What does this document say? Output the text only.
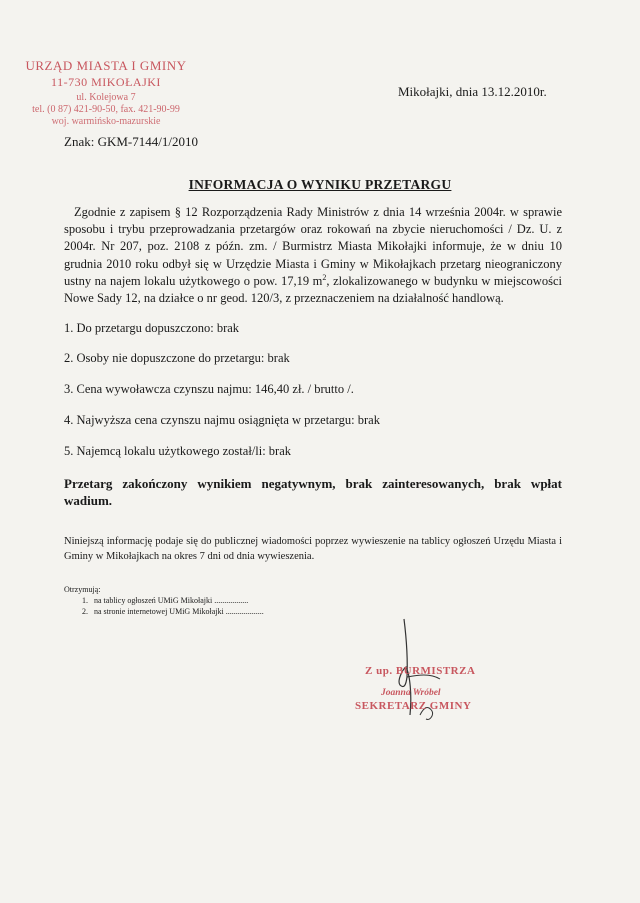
URZĄD MIASTA I GMINY
11-730 MIKOŁAJKI
ul. Kolejowa 7
tel. (0 87) 421-90-50, fax. 421-90-99
woj. warmińsko-mazurskie
Mikołajki, dnia 13.12.2010r.
Znak: GKM-7144/1/2010
INFORMACJA O WYNIKU PRZETARGU
Zgodnie z zapisem § 12 Rozporządzenia Rady Ministrów z dnia 14 września 2004r. w sprawie sposobu i trybu przeprowadzania przetargów oraz rokowań na zbycie nieruchomości / Dz. U. z 2004r. Nr 207, poz. 2108 z późn. zm. / Burmistrz Miasta Mikołajki informuje, że w dniu 10 grudnia 2010 roku odbył się w Urzędzie Miasta i Gminy w Mikołajkach przetarg nieograniczony ustny na najem lokalu użytkowego o pow. 17,19 $m^2$, zlokalizowanego w budynku w miejscowości Nowe Sady 12, na działce o nr geod. 120/3, z przeznaczeniem na działalność handlową.
1. Do przetargu dopuszczono: brak
2. Osoby nie dopuszczone do przetargu: brak
3. Cena wywoławcza czynszu najmu: 146,40 zł. / brutto /.
4. Najwyższa cena czynszu najmu osiągnięta w przetargu: brak
5. Najemcą lokalu użytkowego został/li: brak
Przetarg zakończony wynikiem negatywnym, brak zainteresowanych, brak wpłat wadium.
Niniejszą informację podaje się do publicznej wiadomości poprzez wywieszenie na tablicy ogłoszeń Urzędu Miasta i Gminy w Mikołajkach na okres 7 dni od dnia wywieszenia.
Otrzymują:
1. na tablicy ogłoszeń UMiG Mikołajki .................
2. na stronie internetowej UMiG Mikołajki ...................
Z up. BURMISTRZA
Joanna Wróbel
SEKRETARZ GMINY
